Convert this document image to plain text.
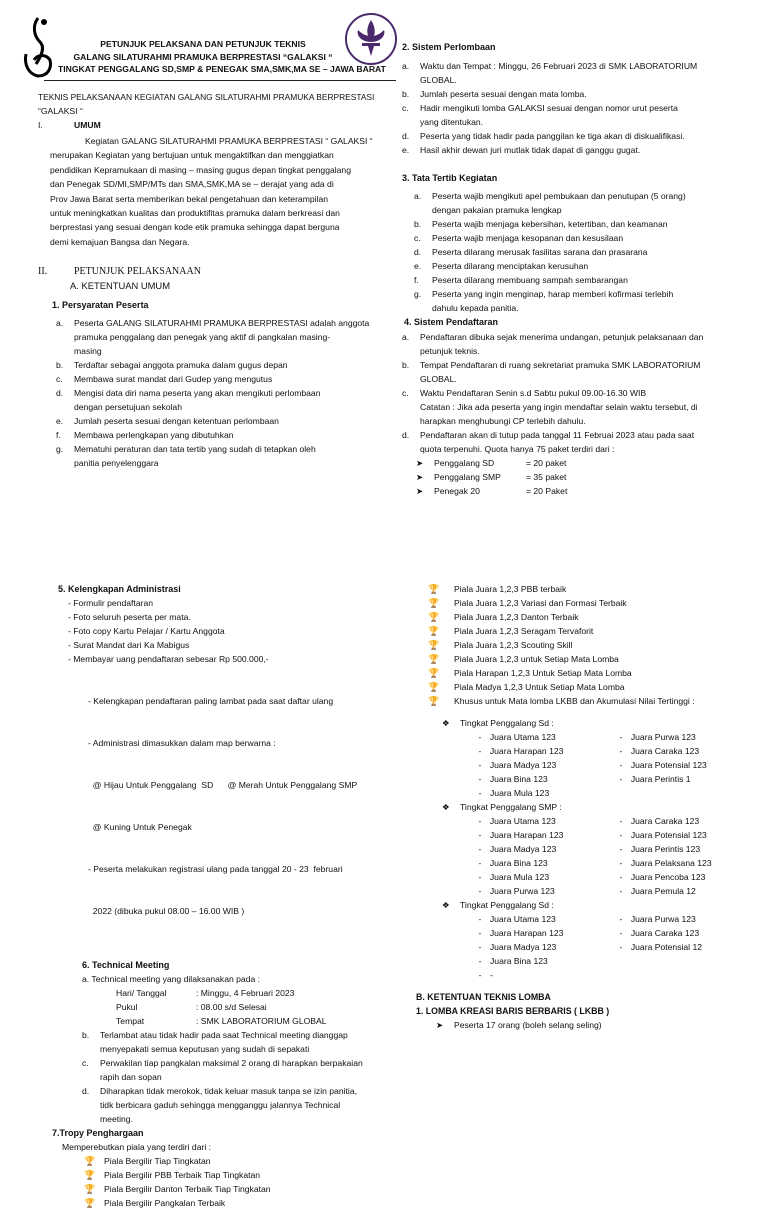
PETUNJUK PELAKSANA DAN PETUNJUK TEKNIS

GALANG SILATURAHMI PRAMUKA BERPRESTASI “GALAKSI “

TINGKAT PENGGALANG SD,SMP & PENEGAK SMA,SMK,MA SE – JAWA BARAT

TEKNIS PELAKSANAAN KEGIATAN GALANG SILATURAHMI PRAMUKA BERPRESTASI

“GALAKSI “

I.	UMUM

Kegiatan GALANG SILATURAHMI PRAMUKA BERPRESTASI “ GALAKSI “

merupakan Kegiatan yang bertujuan untuk mengaktifkan dan menggiatkan

pendidikan Kepramukaan di masing – masing gugus depan tingkat penggalang

dan Penegak SD/MI,SMP/MTs dan SMA,SMK,MA se – derajat yang ada di

Prov Jawa Barat serta memberikan bekal pengetahuan dan keterampilan

untuk meningkatkan kualitas dan produktifitas pramuka dalam berkreasi dan

berprestasi yang sesuai dengan kode etik pramuka sehingga dapat berguna

demi kemajuan Bangsa dan Negara.

II.	PETUNJUK PELAKSANAAN

A. KETENTUAN UMUM

1. Persyaratan Peserta

a. Peserta GALANG SILATURAHMI PRAMUKA BERPRESTASI adalah anggota

pramuka penggalang dan penegak yang aktif di pangkalan masing-

masing

b. Terdaftar sebagai anggota pramuka dalam gugus depan

c. Membawa surat mandat dari Gudep yang mengutus

d. Mengisi data diri nama peserta yang akan mengikuti perlombaan

dengan persetujuan sekolah

e. Jumlah peserta sesuai dengan ketentuan perlombaan

f. Membawa perlengkapan yang dibutuhkan

g. Mematuhi peraturan dan tata tertib yang sudah di tetapkan oleh

panitia penyelenggara

2. Sistem Perlombaan

a. Waktu dan Tempat : Minggu, 26 Februari 2023 di SMK LABORATORIUM

GLOBAL.

b. Jumlah peserta sesuai dengan mata lomba.

c. Hadir mengikuti lomba GALAKSI sesuai dengan nomor urut peserta

yang ditentukan.

d. Peserta yang tidak hadir pada panggilan ke tiga akan di diskualifikasi.

e. Hasil akhir dewan juri mutlak tidak dapat di ganggu gugat.

3. Tata Tertib Kegiatan

a. Peserta wajib mengikuti apel pembukaan dan penutupan (5 orang)

dengan pakaian pramuka lengkap

b. Peserta wajib menjaga kebersihan, ketertiban, dan keamanan

c. Peserta wajib menjaga kesopanan dan kesusilaan

d. Peserta dilarang merusak fasilitas sarana dan prasarana

e. Peserta dilarang menciptakan kerusuhan

f. Peserta dilarang membuang sampah sembarangan

g. Peserta yang ingin menginap, harap memberi kofirmasi terlebih

dahulu kepada panitia.

4. Sistem Pendaftaran

a. Pendaftaran dibuka sejak menerima undangan, petunjuk pelaksanaan dan

petunjuk teknis.

b. Tempat Pendaftaran di ruang sekretariat pramuka SMK LABORATORIUM

GLOBAL.

c. Waktu Pendaftaran Senin s.d Sabtu pukul 09.00-16.30 WIB

Catatan : Jika ada peserta yang ingin mendaftar selain waktu tersebut, di

harapkan menghubungi CP terlebih dahulu.

d. Pendaftaran akan di tutup pada tanggal 11 Februai 2023 atau pada saat

quota terpenuhi. Quota hanya 75 paket terdiri dari :

➤	Penggalang SD	= 20 paket
➤	Penggalang SMP	= 35 paket
➤	Penegak 20	= 20 Paket

5. Kelengkapan Administrasi

- Formulir pendaftaran

- Foto seluruh peserta per mata.

- Foto copy Kartu Pelajar / Kartu Anggota

- Surat Mandat dari Ka Mabigus

- Membayar uang pendaftaran sebesar Rp 500.000,-

- Kelengkapan pendaftaran paling lambat pada saat daftar ulang

- Administrasi dimasukkan dalam map berwarna :

@ Hijau Untuk Penggalang  SD      @ Merah Untuk Penggalang SMP

@ Kuning Untuk Penegak

- Peserta melakukan registrasi ulang pada tanggal 20 - 23  februari

2022 (dibuka pukul 08.00 – 16.00 WIB )

6. Technical Meeting

a. Technical meeting yang dilaksanakan pada :

Hari/ Tanggal	: Minggu, 4 Februari 2023
Pukul	: 08.00 s/d Selesai
Tempat	: SMK LABORATORIUM GLOBAL
b. Terlambat atau tidak hadir pada saat Technical meeting dianggap

menyepakati semua keputusan yang sudah di sepakati

c. Perwakilan tiap pangkalan maksimal 2 orang di harapkan berpakaian

rapih dan sopan

d. Diharapkan tidak merokok, tidak keluar masuk tanpa se izin panitia,

tidk berbicara gaduh sehingga mengganggu jalannya Technical

meeting.

7.Tropy Penghargaan

Memperebutkan piala yang terdiri dari :

🏆	Piala Bergilir Tiap Tingkatan
🏆	Piala Bergilir PBB Terbaik Tiap Tingkatan
🏆	Piala Bergilir Danton Terbaik Tiap Tingkatan
🏆	Piala Bergilir Pangkalan Terbaik
🏆	Piala Juara 1,2,3 PBB terbaik
🏆	Piala Juara 1,2,3 Variasi dan Formasi Terbaik
🏆	Piala Juara 1,2,3 Danton Terbaik
🏆	Piala Juara 1,2,3 Seragam Tervaforit
🏆	Piala Juara 1,2,3 Scouting Skill
🏆	Piala Juara 1,2,3 untuk Setiap Mata Lomba
🏆	Piala Harapan 1,2,3 Untuk Setiap Mata Lomba
🏆	Piala Madya 1,2,3 Untuk Setiap Mata Lomba
🏆	Khusus untuk Mata lomba LKBB dan Akumulasi Nilai Tertinggi :
❖	Tingkat Penggalang Sd :
- Juara Utama 123	- Juara Purwa 123
- Juara Harapan 123	- Juara Caraka 123
- Juara Madya 123	- Juara Potensial 123
- Juara Bina 123	- Juara Perintis 1
- Juara Mula 123
❖	Tingkat Penggalang SMP :
- Juara Utama 123	- Juara Caraka 123
- Juara Harapan 123	- Juara Potensial 123
- Juara Madya 123	- Juara Perintis 123
- Juara Bina 123	- Juara Pelaksana 123
- Juara Mula 123	- Juara Pencoba 123
- Juara Purwa 123	- Juara Pemula 12
❖	Tingkat Penggalang Sd :
- Juara Utama 123	- Juara Purwa 123
- Juara Harapan 123	- Juara Caraka 123
- Juara Madya 123	- Juara Potensial 12
- Juara Bina 123
- -

B. KETENTUAN TEKNIS LOMBA

1. LOMBA KREASI BARIS BERBARIS ( LKBB )

➤	Peserta 17 orang (boleh selang seling)
